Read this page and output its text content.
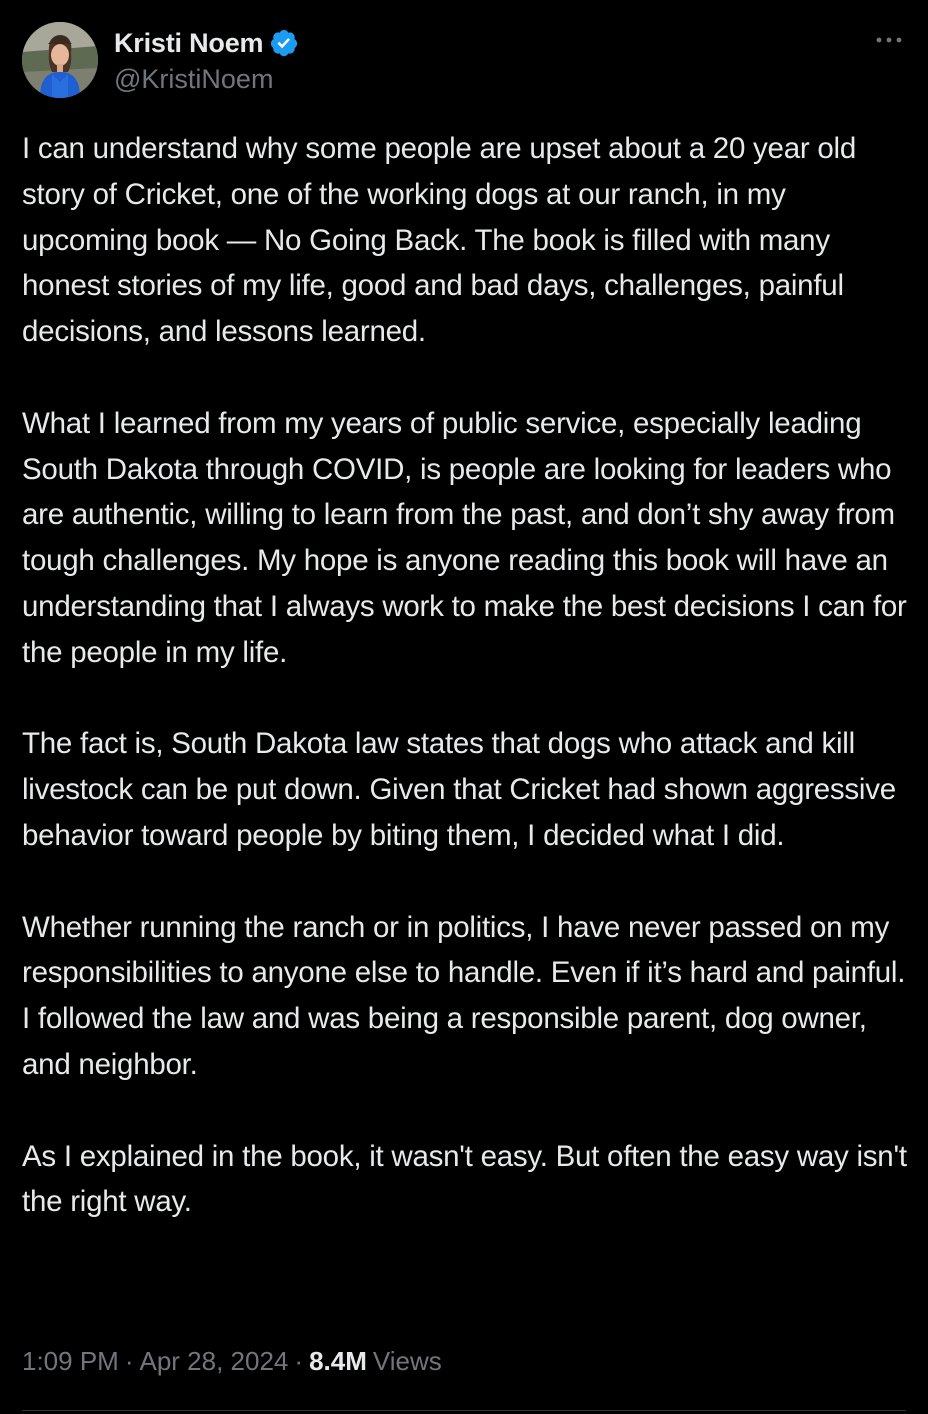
Kristi Noem
@KristiNoem

I can understand why some people are upset about a 20 year old story of Cricket, one of the working dogs at our ranch, in my upcoming book — No Going Back. The book is filled with many honest stories of my life, good and bad days, challenges, painful decisions, and lessons learned.

What I learned from my years of public service, especially leading South Dakota through COVID, is people are looking for leaders who are authentic, willing to learn from the past, and don’t shy away from tough challenges. My hope is anyone reading this book will have an understanding that I always work to make the best decisions I can for the people in my life.

The fact is, South Dakota law states that dogs who attack and kill livestock can be put down. Given that Cricket had shown aggressive behavior toward people by biting them, I decided what I did.

Whether running the ranch or in politics, I have never passed on my responsibilities to anyone else to handle. Even if it’s hard and painful. I followed the law and was being a responsible parent, dog owner, and neighbor.

As I explained in the book, it wasn't easy. But often the easy way isn't the right way.

1:09 PM · Apr 28, 2024 · 8.4M Views
